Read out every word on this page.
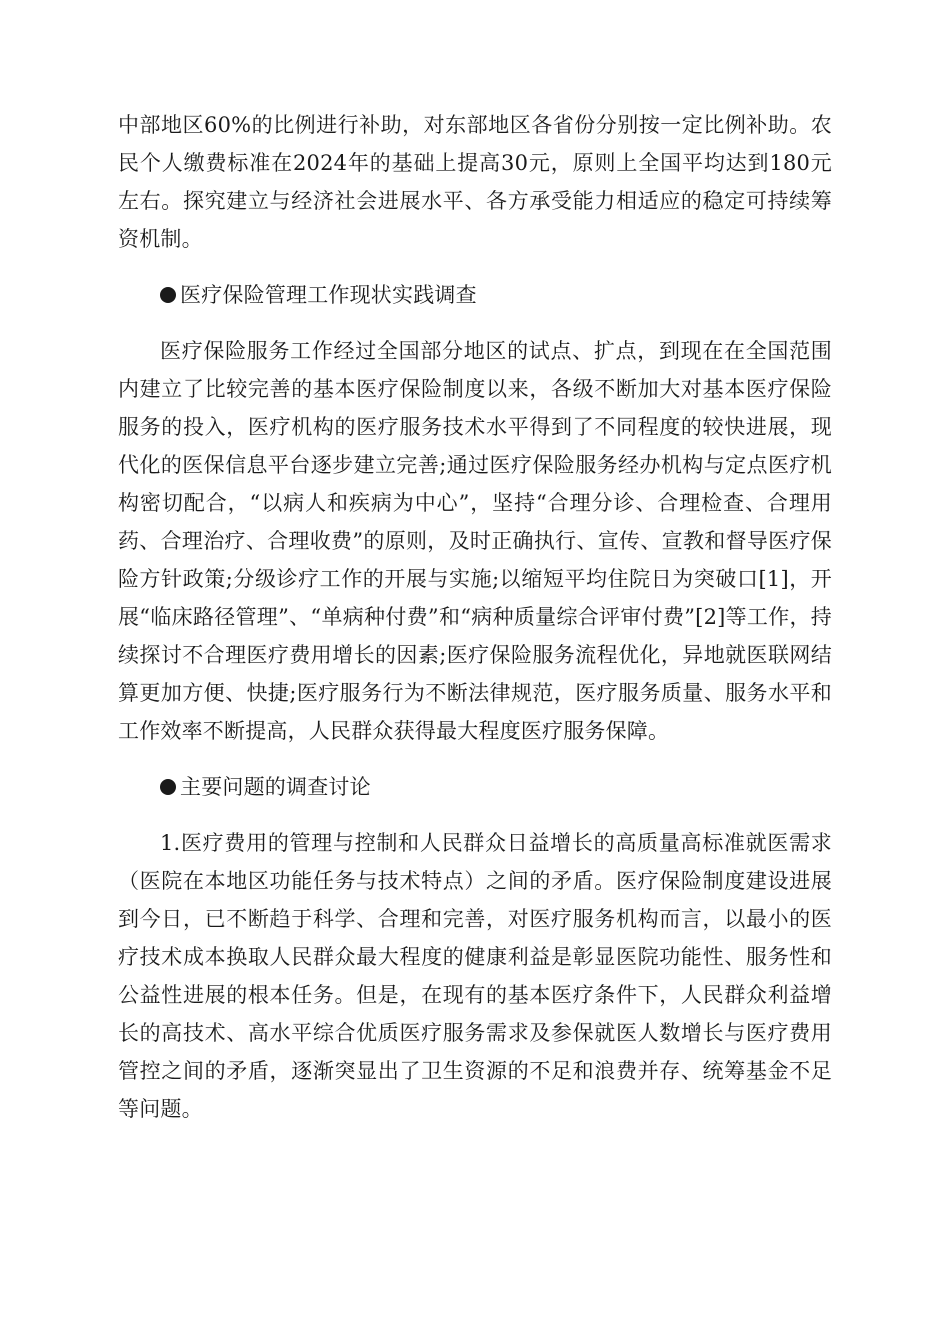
中部地区60%的比例进行补助，对东部地区各省份分别按一定比例补助。农民个人缴费标准在2024年的基础上提高30元，原则上全国平均达到180元左右。探究建立与经济社会进展水平、各方承受能力相适应的稳定可持续筹资机制。

医疗保险管理工作现状实践调查

医疗保险服务工作经过全国部分地区的试点、扩点，到现在在全国范围内建立了比较完善的基本医疗保险制度以来，各级不断加大对基本医疗保险服务的投入，医疗机构的医疗服务技术水平得到了不同程度的较快进展，现代化的医保信息平台逐步建立完善;通过医疗保险服务经办机构与定点医疗机构密切配合，“以病人和疾病为中心”，坚持“合理分诊、合理检查、合理用药、合理治疗、合理收费”的原则，及时正确执行、宣传、宣教和督导医疗保险方针政策;分级诊疗工作的开展与实施;以缩短平均住院日为突破口[1]，开展“临床路径管理”、“单病种付费”和“病种质量综合评审付费”[2]等工作，持续探讨不合理医疗费用增长的因素;医疗保险服务流程优化，异地就医联网结算更加方便、快捷;医疗服务行为不断法律规范，医疗服务质量、服务水平和工作效率不断提高，人民群众获得最大程度医疗服务保障。

主要问题的调查讨论

1.医疗费用的管理与控制和人民群众日益增长的高质量高标准就医需求（医院在本地区功能任务与技术特点）之间的矛盾。医疗保险制度建设进展到今日，已不断趋于科学、合理和完善，对医疗服务机构而言，以最小的医疗技术成本换取人民群众最大程度的健康利益是彰显医院功能性、服务性和公益性进展的根本任务。但是，在现有的基本医疗条件下，人民群众利益增长的高技术、高水平综合优质医疗服务需求及参保就医人数增长与医疗费用管控之间的矛盾，逐渐突显出了卫生资源的不足和浪费并存、统筹基金不足等问题。
